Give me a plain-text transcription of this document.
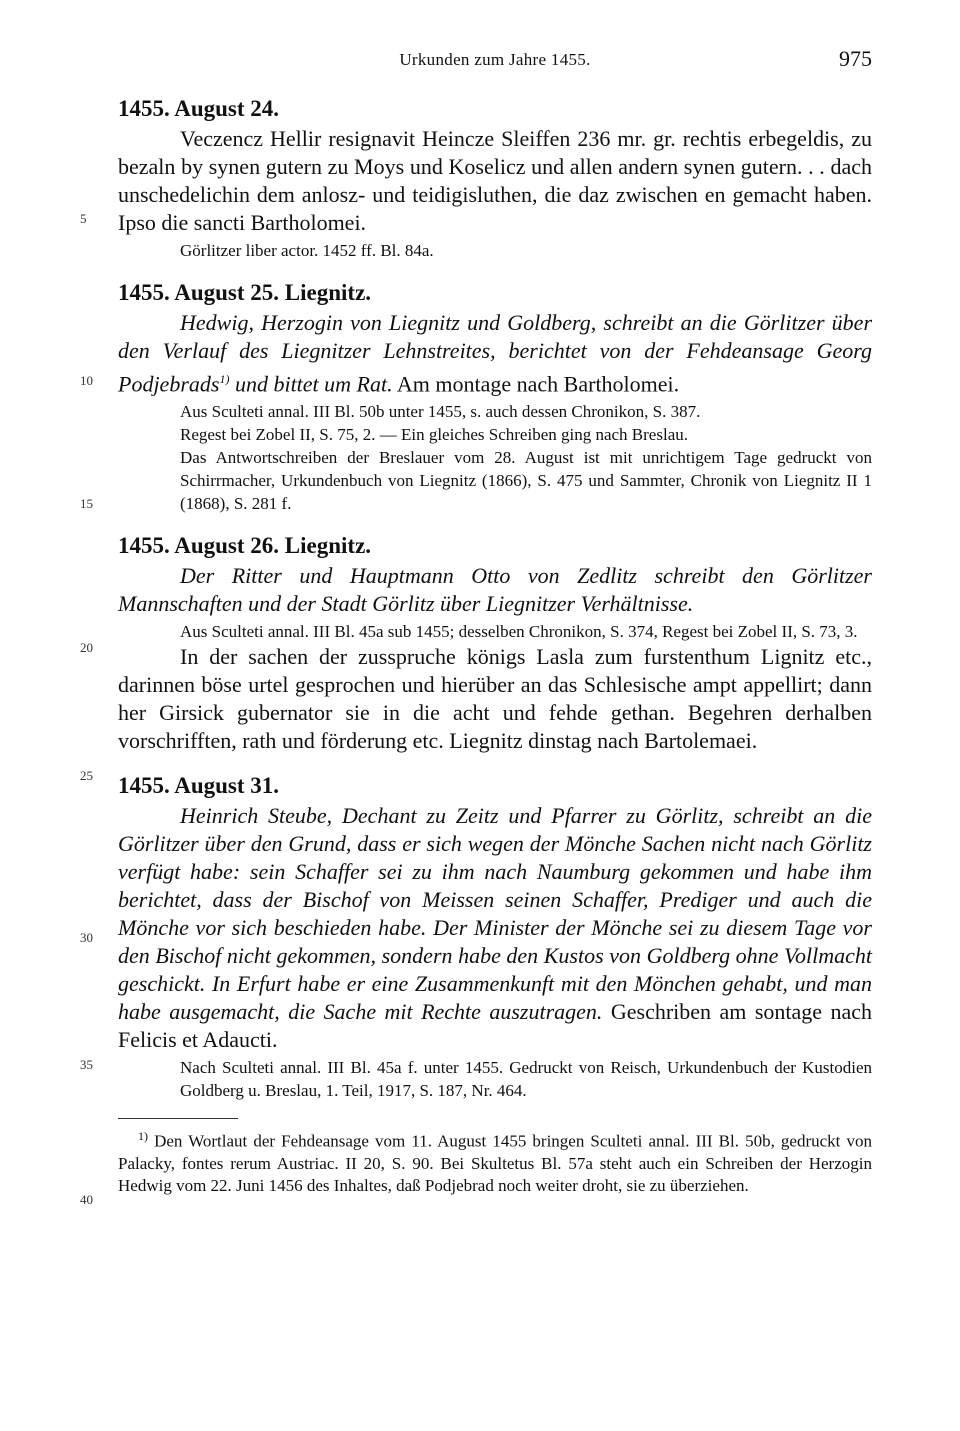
Urkunden zum Jahre 1455.	975
5
10
15
20
25
30
35
40
1455. August 24.

Veczencz Hellir resignavit Heincze Sleiffen 236 mr. gr. rechtis erbegeldis, zu bezaln by synen gutern zu Moys und Koselicz und allen andern synen gutern. . . dach unschedelichin dem anlosz- und teidigisluthen, die daz zwischen en gemacht haben. Ipso die sancti Bartholomei.

Görlitzer liber actor. 1452 ff. Bl. 84a.
1455. August 25. Liegnitz.

Hedwig, Herzogin von Liegnitz und Goldberg, schreibt an die Görlitzer über den Verlauf des Liegnitzer Lehnstreites, berichtet von der Fehdeansage Georg Podjebrads$^{1)}$ und bittet um Rat. Am montage nach Bartholomei.

Aus Sculteti annal. III Bl. 50b unter 1455, s. auch dessen Chronikon, S. 387.
Regest bei Zobel II, S. 75, 2. — Ein gleiches Schreiben ging nach Breslau.
Das Antwortschreiben der Breslauer vom 28. August ist mit unrichtigem Tage gedruckt von Schirrmacher, Urkundenbuch von Liegnitz (1866), S. 475 und Sammter, Chronik von Liegnitz II 1 (1868), S. 281 f.
1455. August 26. Liegnitz.

Der Ritter und Hauptmann Otto von Zedlitz schreibt den Görlitzer Mannschaften und der Stadt Görlitz über Liegnitzer Verhältnisse.

Aus Sculteti annal. III Bl. 45a sub 1455; desselben Chronikon, S. 374, Regest bei Zobel II, S. 73, 3.

In der sachen der zusspruche königs Lasla zum furstenthum Lignitz etc., darinnen böse urtel gesprochen und hierüber an das Schlesische ampt appellirt; dann her Girsick gubernator sie in die acht und fehde gethan. Begehren derhalben vorschrifften, rath und förderung etc. Liegnitz dinstag nach Bartolemaei.

1455. August 31.

Heinrich Steube, Dechant zu Zeitz und Pfarrer zu Görlitz, schreibt an die Görlitzer über den Grund, dass er sich wegen der Mönche Sachen nicht nach Görlitz verfügt habe: sein Schaffer sei zu ihm nach Naumburg gekommen und habe ihm berichtet, dass der Bischof von Meissen seinen Schaffer, Prediger und auch die Mönche vor sich beschieden habe. Der Minister der Mönche sei zu diesem Tage vor den Bischof nicht gekommen, sondern habe den Kustos von Goldberg ohne Vollmacht geschickt. In Erfurt habe er eine Zusammenkunft mit den Mönchen gehabt, und man habe ausgemacht, die Sache mit Rechte auszutragen. Geschriben am sontage nach Felicis et Adaucti.

Nach Sculteti annal. III Bl. 45a f. unter 1455. Gedruckt von Reisch, Urkundenbuch der Kustodien Goldberg u. Breslau, 1. Teil, 1917, S. 187, Nr. 464.

$^{1)}$ Den Wortlaut der Fehdeansage vom 11. August 1455 bringen Sculteti annal. III Bl. 50b, gedruckt von Palacky, fontes rerum Austriac. II 20, S. 90. Bei Skultetus Bl. 57a steht auch ein Schreiben der Herzogin Hedwig vom 22. Juni 1456 des Inhaltes, daß Podjebrad noch weiter droht, sie zu überziehen.
